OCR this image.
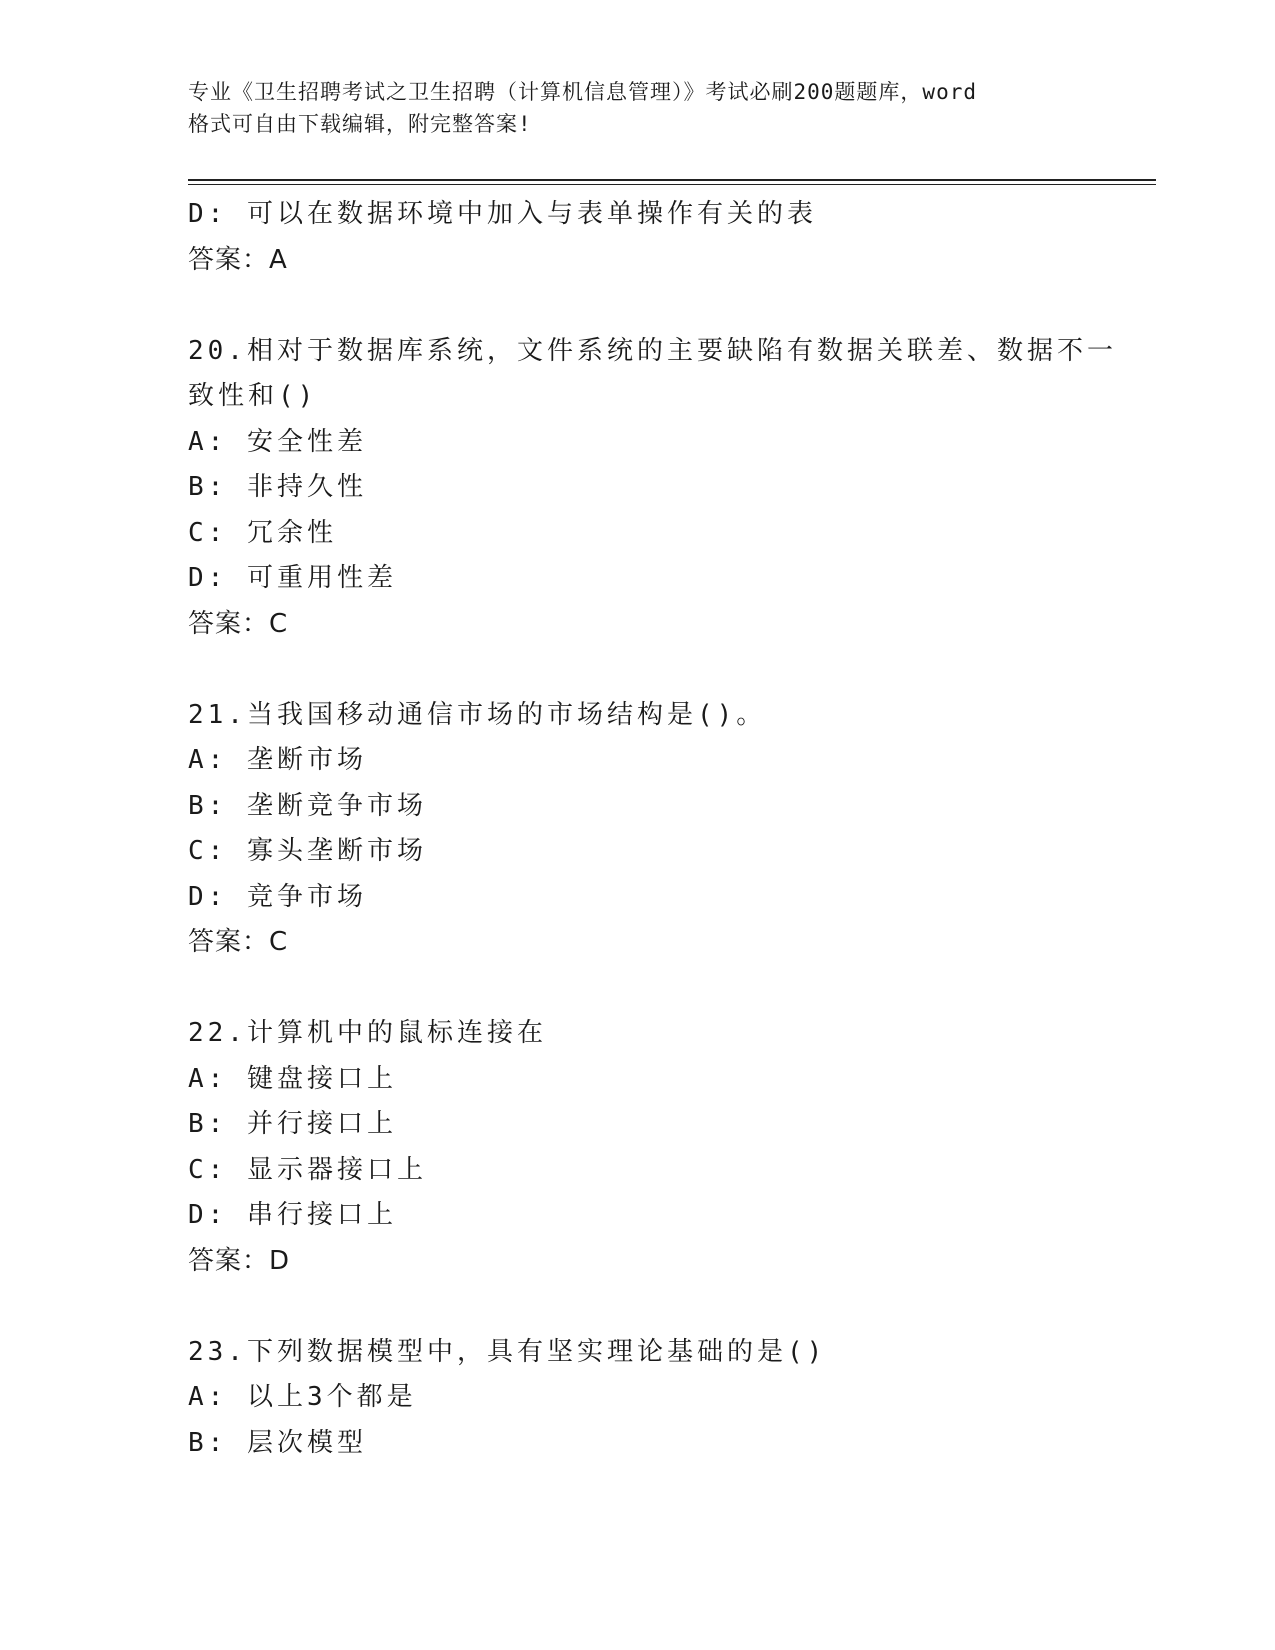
专业《卫生招聘考试之卫生招聘（计算机信息管理）》考试必刷200题题库，word
格式可自由下载编辑，附完整答案!
D: 可以在数据环境中加入与表单操作有关的表
答案：A
20.相对于数据库系统，文件系统的主要缺陷有数据关联差、数据不一
致性和()
A: 安全性差
B: 非持久性
C: 冗余性
D: 可重用性差
答案：C
21.当我国移动通信市场的市场结构是()。
A: 垄断市场
B: 垄断竞争市场
C: 寡头垄断市场
D: 竞争市场
答案：C
22.计算机中的鼠标连接在
A: 键盘接口上
B: 并行接口上
C: 显示器接口上
D: 串行接口上
答案：D
23.下列数据模型中，具有坚实理论基础的是()
A: 以上3个都是
B: 层次模型
